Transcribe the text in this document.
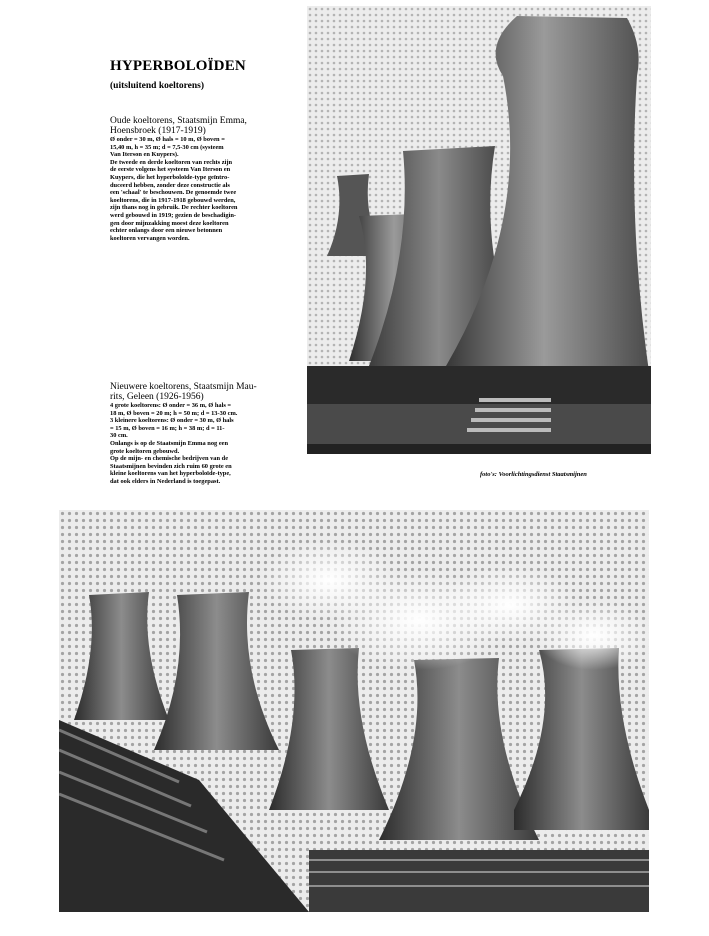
HYPERBOLOÏDEN
(uitsluitend koeltorens)
Oude koeltorens, Staatsmijn Emma,
Hoensbroek (1917-1919)
Ø onder = 30 m, Ø hals = 10 m, Ø boven =
15,40 m, h = 35 m; d = 7,5-30 cm (systeem
Van Iterson en Kuypers).
De tweede en derde koeltoren van rechts zijn
de eerste volgens het systeem Van Iterson en
Kuypers, die het hyperboloïde-type geïntro-
duceerd hebben, zonder deze constructie als
een 'schaal' te beschouwen. De genoemde twee
koeltorens, die in 1917-1918 gebouwd werden,
zijn thans nog in gebruik. De rechter koeltoren
werd gebouwd in 1919; gezien de beschadigin-
gen door mijnzakking moest deze koeltoren
echter onlangs door een nieuwe betonnen
koeltoren vervangen worden.
Nieuwere koeltorens, Staatsmijn Mau-
rits, Geleen (1926-1956)
4 grote koeltorens: Ø onder = 36 m, Ø hals =
18 m, Ø boven = 20 m; h = 50 m; d = 13-30 cm.
3 kleinere koeltorens: Ø onder = 30 m, Ø hals
= 15 m, Ø boven = 16 m; h = 38 m; d = 11-
30 cm.
Onlangs is op de Staatsmijn Emma nog een
grote koeltoren gebouwd.
Op de mijn- en chemische bedrijven van de
Staatsmijnen bevinden zich ruim 60 grote en
kleine koeltorens van het hyperboloïde-type,
dat ook elders in Nederland is toegepast.
foto's: Voorlichtingsdienst Staatsmijnen
